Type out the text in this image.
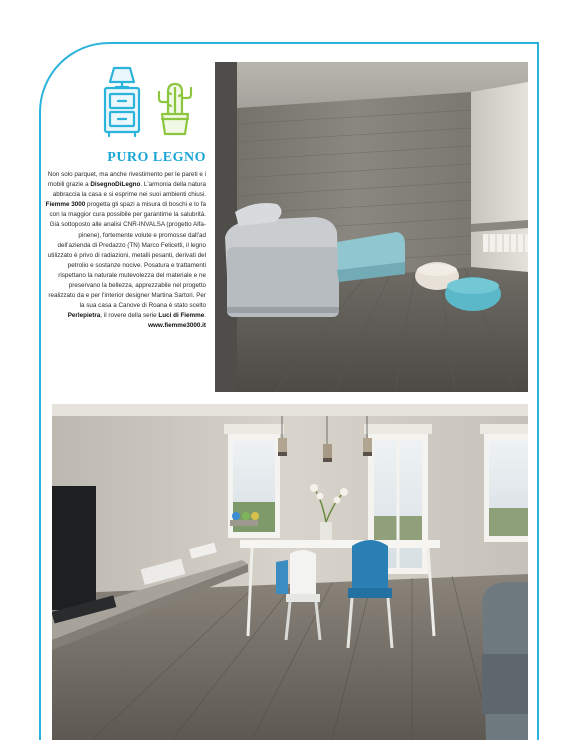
PURO LEGNO

Non solo parquet, ma anche rivestimento per le pareti e i mobili grazie a DisegnoDiLegno. L'armonia della natura abbraccia la casa e si esprime nei suoi ambienti chiusi. Fiemme 3000 progetta gli spazi a misura di boschi e lo fa con la maggior cura possibile per garantirne la salubrità. Già sottoposto alle analisi CNR-INVALSA (progetto Alfa-pinene), fortemente volute e promosse dall'ad dell'azienda di Predazzo (TN) Marco Felicetti, il legno utilizzato è privo di radiazioni, metalli pesanti, derivati del petrolio e sostanze nocive. Posatura e trattamenti rispettano la naturale mutevolezza del materiale e ne preservano la bellezza, apprezzabile nel progetto realizzato da e per l'interior designer Martina Sartori. Per la sua casa a Canove di Roana è stato scelto Perlepietra, il rovere della serie Luci di Fiemme.
www.fiemme3000.it
